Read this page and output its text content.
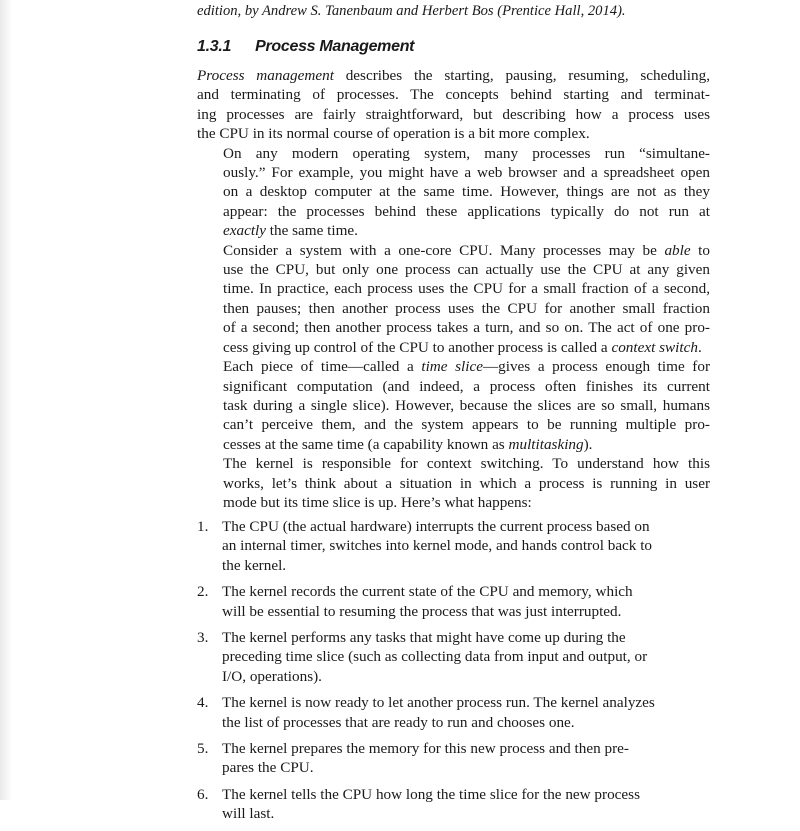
edition, by Andrew S. Tanenbaum and Herbert Bos (Prentice Hall, 2014).
1.3.1 Process Management

Process management describes the starting, pausing, resuming, scheduling,
and terminating of processes. The concepts behind starting and terminat-
ing processes are fairly straightforward, but describing how a process uses
the CPU in its normal course of operation is a bit more complex.

On any modern operating system, many processes run “simultane-
ously.” For example, you might have a web browser and a spreadsheet open
on a desktop computer at the same time. However, things are not as they
appear: the processes behind these applications typically do not run at
exactly the same time.

Consider a system with a one-core CPU. Many processes may be able to
use the CPU, but only one process can actually use the CPU at any given
time. In practice, each process uses the CPU for a small fraction of a second,
then pauses; then another process uses the CPU for another small fraction
of a second; then another process takes a turn, and so on. The act of one pro-
cess giving up control of the CPU to another process is called a context switch.

Each piece of time—called a time slice—gives a process enough time for
significant computation (and indeed, a process often finishes its current
task during a single slice). However, because the slices are so small, humans
can’t perceive them, and the system appears to be running multiple pro-
cesses at the same time (a capability known as multitasking).

The kernel is responsible for context switching. To understand how this
works, let’s think about a situation in which a process is running in user
mode but its time slice is up. Here’s what happens:

1. The CPU (the actual hardware) interrupts the current process based on
an internal timer, switches into kernel mode, and hands control back to
the kernel.
2. The kernel records the current state of the CPU and memory, which
will be essential to resuming the process that was just interrupted.
3. The kernel performs any tasks that might have come up during the
preceding time slice (such as collecting data from input and output, or
I/O, operations).
4. The kernel is now ready to let another process run. The kernel analyzes
the list of processes that are ready to run and chooses one.
5. The kernel prepares the memory for this new process and then pre-
pares the CPU.
6. The kernel tells the CPU how long the time slice for the new process
will last.
